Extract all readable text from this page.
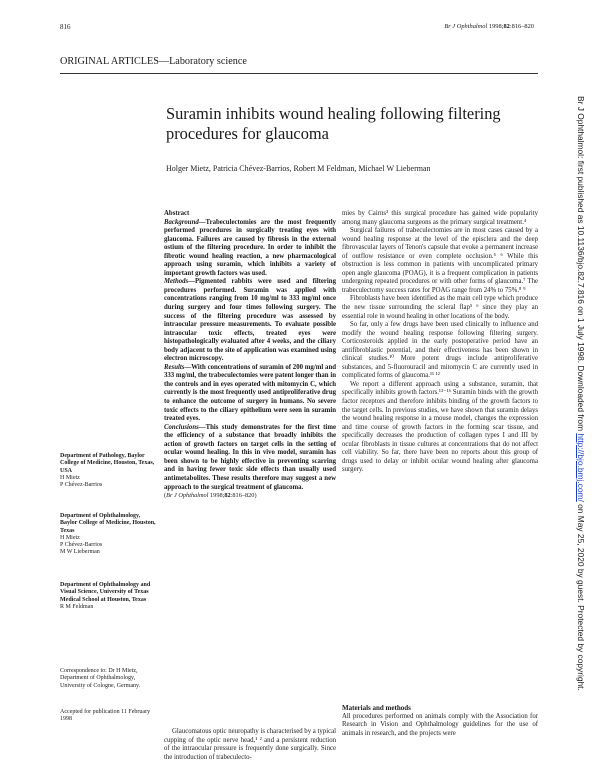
816	Br J Ophthalmol 1998;82:816–820
ORIGINAL ARTICLES—Laboratory science
Br J Ophthalmol: first published as 10.1136/bjo.82.7.816 on 1 July 1998. Downloaded from http://bjo.bmj.com/ on May 25, 2020 by guest. Protected by copyright.
Suramin inhibits wound healing following filtering procedures for glaucoma
Holger Mietz, Patricia Chévez-Barrios, Robert M Feldman, Michael W Lieberman
Department of Pathology, Baylor College of Medicine, Houston, Texas, USA
H Mietz
P Chévez-Barrios
Department of Ophthalmology, Baylor College of Medicine, Houston, Texas
H Mietz
P Chévez-Barrios
M W Lieberman
Department of Ophthalmology and Visual Science, University of Texas Medical School at Houston, Texas
R M Feldman
Correspondence to: Dr H Mietz, Department of Ophthalmology, University of Cologne, Germany.
Accepted for publication 11 February 1998
Abstract

Background—Trabeculectomies are the most frequently performed procedures in surgically treating eyes with glaucoma. Failures are caused by fibrosis in the external ostium of the filtering procedure. In order to inhibit the fibrotic wound healing reaction, a new pharmacological approach using suramin, which inhibits a variety of important growth factors was used.

Methods—Pigmented rabbits were used and filtering procedures performed. Suramin was applied with concentrations ranging from 10 mg/ml to 333 mg/ml once during surgery and four times following surgery. The success of the filtering procedure was assessed by intraocular pressure measurements. To evaluate possible intraocular toxic effects, treated eyes were histopathologically evaluated after 4 weeks, and the ciliary body adjacent to the site of application was examined using electron microscopy.

Results—With concentrations of suramin of 200 mg/ml and 333 mg/ml, the trabeculectomies were patent longer than in the controls and in eyes operated with mitomycin C, which currently is the most frequently used antiproliferative drug to enhance the outcome of surgery in humans. No severe toxic effects to the ciliary epithelium were seen in suramin treated eyes.

Conclusions—This study demonstrates for the first time the efficiency of a substance that broadly inhibits the action of growth factors on target cells in the setting of ocular wound healing. In this in vivo model, suramin has been shown to be highly effective in preventing scarring and in having fewer toxic side effects than usually used antimetabolites. These results therefore may suggest a new approach to the surgical treatment of glaucoma.

(Br J Ophthalmol 1998;82:816–820)

Glaucomatous optic neuropathy is characterised by a typical cupping of the optic nerve head,¹ ² and a persistent reduction of the intraocular pressure is frequently done surgically. Since the introduction of trabeculecto-

mies by Cairns³ this surgical procedure has gained wide popularity among many glaucoma surgeons as the primary surgical treatment.⁴

Surgical failures of trabeculectomies are in most cases caused by a wound healing response at the level of the episclera and the deep fibrovascular layers of Tenon's capsule that evoke a permanent increase of outflow resistance or even complete occlusion.⁵ ⁶ While this obstruction is less common in patients with uncomplicated primary open angle glaucoma (POAG), it is a frequent complication in patients undergoing repeated procedures or with other forms of glaucoma.⁷ The trabeculectomy success rates for POAG range from 24% to 75%.⁸ ⁹

Fibroblasts have been identified as the main cell type which produce the new tissue surrounding the scleral flap⁵ ⁶ since they play an essential role in wound healing in other locations of the body.

So far, only a few drugs have been used clinically to influence and modify the wound healing response following filtering surgery. Corticosteroids applied in the early postoperative period have an antifibroblastic potential, and their effectiveness has been shown in clinical studies.¹⁰ More potent drugs include antiproliferative substances, and 5-fluorouracil and mitomycin C are currently used in complicated forms of glaucoma.¹¹ ¹²

We report a different approach using a substance, suramin, that specifically inhibits growth factors.¹³⁻¹⁶ Suramin binds with the growth factor receptors and therefore inhibits binding of the growth factors to the target cells. In previous studies, we have shown that suramin delays the wound healing response in a mouse model, changes the expression and time course of growth factors in the forming scar tissue, and specifically decreases the production of collagen types I and III by ocular fibroblasts in tissue cultures at concentrations that do not affect cell viability. So far, there have been no reports about this group of drugs used to delay or inhibit ocular wound healing after glaucoma surgery.

Materials and methods

All procedures performed on animals comply with the Association for Research in Vision and Ophthalmology guidelines for the use of animals in research, and the projects were
